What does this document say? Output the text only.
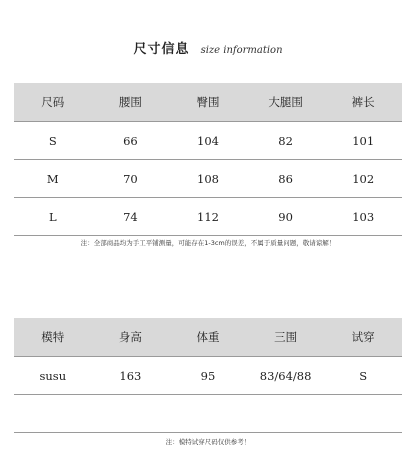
尺寸信息 size information
尺码	腰围	臀围	大腿围	裤长
S	66	104	82	101
M	70	108	86	102
L	74	112	90	103
注：全部商品均为手工平铺测量，可能存在1-3cm的误差，不属于质量问题，敬请谅解！
模特	身高	体重	三围	试穿
susu	163	95	83/64/88	S
注：模特试穿尺码仅供参考！
